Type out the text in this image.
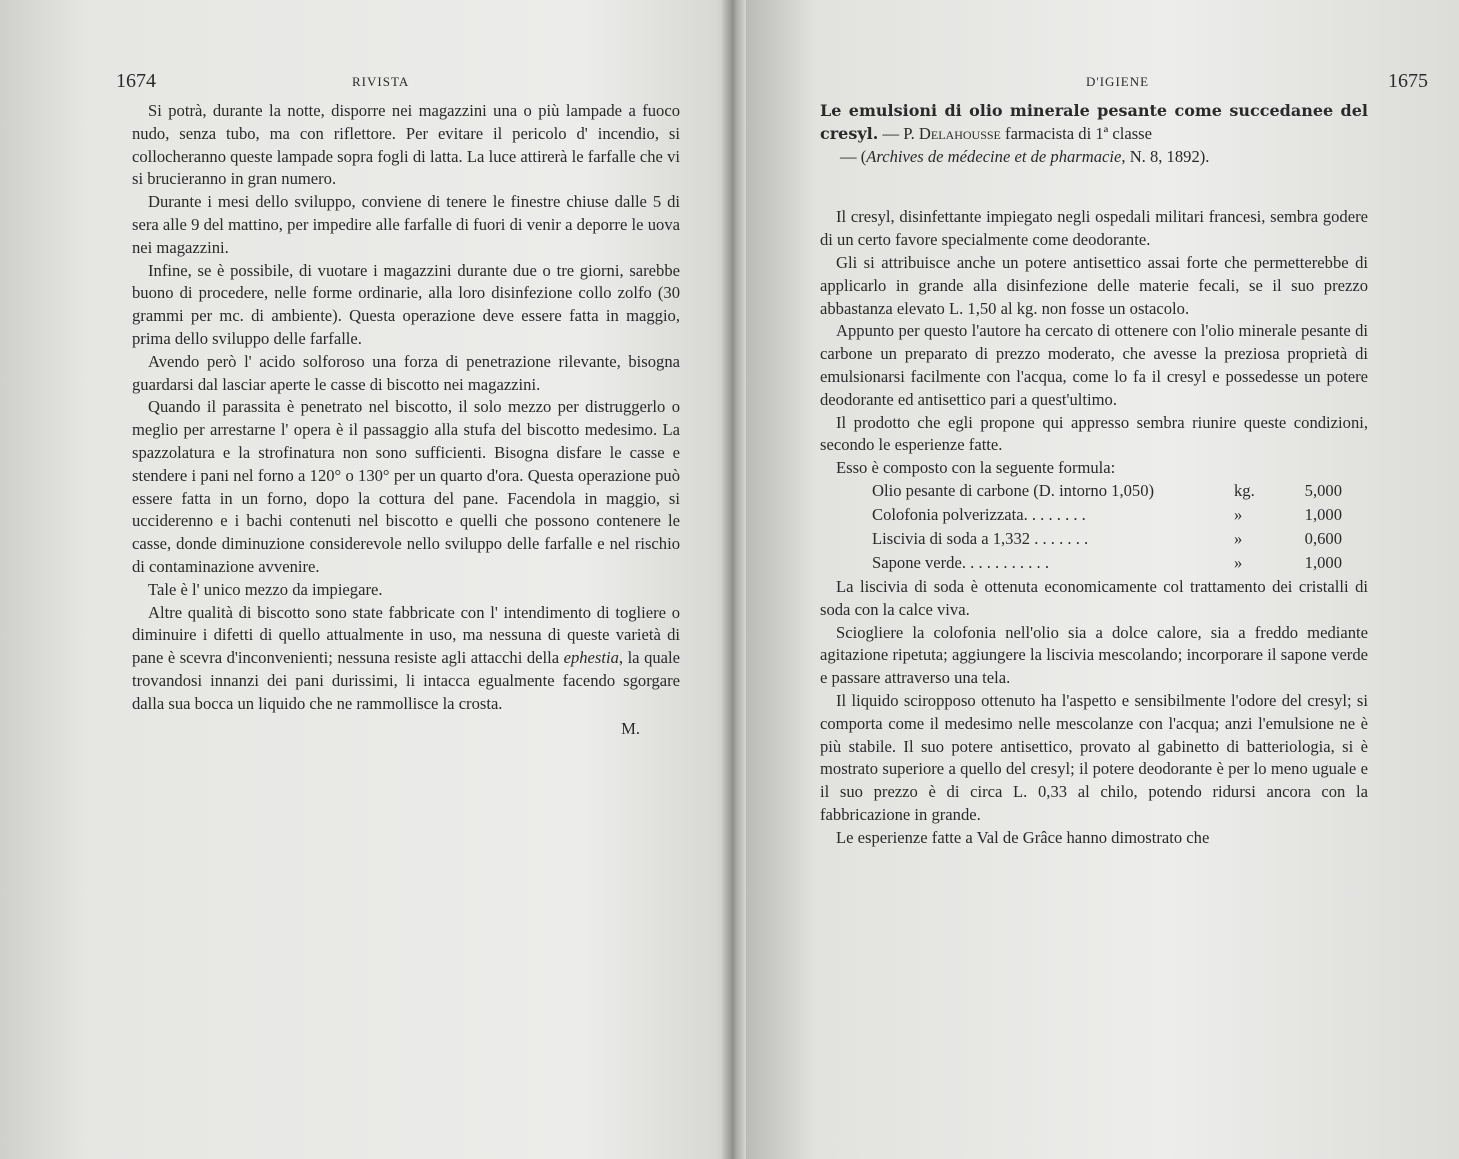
1674	RIVISTA

Si potrà, durante la notte, disporre nei magazzini una o più lampade a fuoco nudo, senza tubo, ma con riflettore. Per evitare il pericolo d' incendio, si collocheranno queste lampade sopra fogli di latta. La luce attirerà le farfalle che vi si brucieranno in gran numero.

Durante i mesi dello sviluppo, conviene di tenere le finestre chiuse dalle 5 di sera alle 9 del mattino, per impedire alle farfalle di fuori di venir a deporre le uova nei magazzini.

Infine, se è possibile, di vuotare i magazzini durante due o tre giorni, sarebbe buono di procedere, nelle forme ordinarie, alla loro disinfezione collo zolfo (30 grammi per mc. di ambiente). Questa operazione deve essere fatta in maggio, prima dello sviluppo delle farfalle.

Avendo però l' acido solforoso una forza di penetrazione rilevante, bisogna guardarsi dal lasciar aperte le casse di biscotto nei magazzini.

Quando il parassita è penetrato nel biscotto, il solo mezzo per distruggerlo o meglio per arrestarne l' opera è il passaggio alla stufa del biscotto medesimo. La spazzolatura e la strofinatura non sono sufficienti. Bisogna disfare le casse e stendere i pani nel forno a 120° o 130° per un quarto d'ora. Questa operazione può essere fatta in un forno, dopo la cottura del pane. Facendola in maggio, si ucciderenno e i bachi contenuti nel biscotto e quelli che possono contenere le casse, donde diminuzione considerevole nello sviluppo delle farfalle e nel rischio di contaminazione avvenire.

Tale è l' unico mezzo da impiegare.

Altre qualità di biscotto sono state fabbricate con l' intendimento di togliere o diminuire i difetti di quello attualmente in uso, ma nessuna di queste varietà di pane è scevra d'inconvenienti; nessuna resiste agli attacchi della ephestia, la quale trovandosi innanzi dei pani durissimi, li intacca egualmente facendo sgorgare dalla sua bocca un liquido che ne rammollisce la crosta.

M.
D'IGIENE	1675
Le emulsioni di olio minerale pesante come succedanee del cresyl. — P. Delahousse farmacista di 1ª classe
— (Archives de médecine et de pharmacie, N. 8, 1892).

Il cresyl, disinfettante impiegato negli ospedali militari francesi, sembra godere di un certo favore specialmente come deodorante.

Gli si attribuisce anche un potere antisettico assai forte che permetterebbe di applicarlo in grande alla disinfezione delle materie fecali, se il suo prezzo abbastanza elevato L. 1,50 al kg. non fosse un ostacolo.

Appunto per questo l'autore ha cercato di ottenere con l'olio minerale pesante di carbone un preparato di prezzo moderato, che avesse la preziosa proprietà di emulsionarsi facilmente con l'acqua, come lo fa il cresyl e possedesse un potere deodorante ed antisettico pari a quest'ultimo.

Il prodotto che egli propone qui appresso sembra riunire queste condizioni, secondo le esperienze fatte.

Esso è composto con la seguente formula:

Olio pesante di carbone (D. intorno 1,050)	kg.	5,000
Colofonia polverizzata. . . . . . . .	»	1,000
Liscivia di soda a 1,332 . . . . . . .	»	0,600
Sapone verde. . . . . . . . . . .	»	1,000

La liscivia di soda è ottenuta economicamente col trattamento dei cristalli di soda con la calce viva.

Sciogliere la colofonia nell'olio sia a dolce calore, sia a freddo mediante agitazione ripetuta; aggiungere la liscivia mescolando; incorporare il sapone verde e passare attraverso una tela.

Il liquido sciropposo ottenuto ha l'aspetto e sensibilmente l'odore del cresyl; si comporta come il medesimo nelle mescolanze con l'acqua; anzi l'emulsione ne è più stabile. Il suo potere antisettico, provato al gabinetto di batteriologia, si è mostrato superiore a quello del cresyl; il potere deodorante è per lo meno uguale e il suo prezzo è di circa L. 0,33 al chilo, potendo ridursi ancora con la fabbricazione in grande.

Le esperienze fatte a Val de Grâce hanno dimostrato che
